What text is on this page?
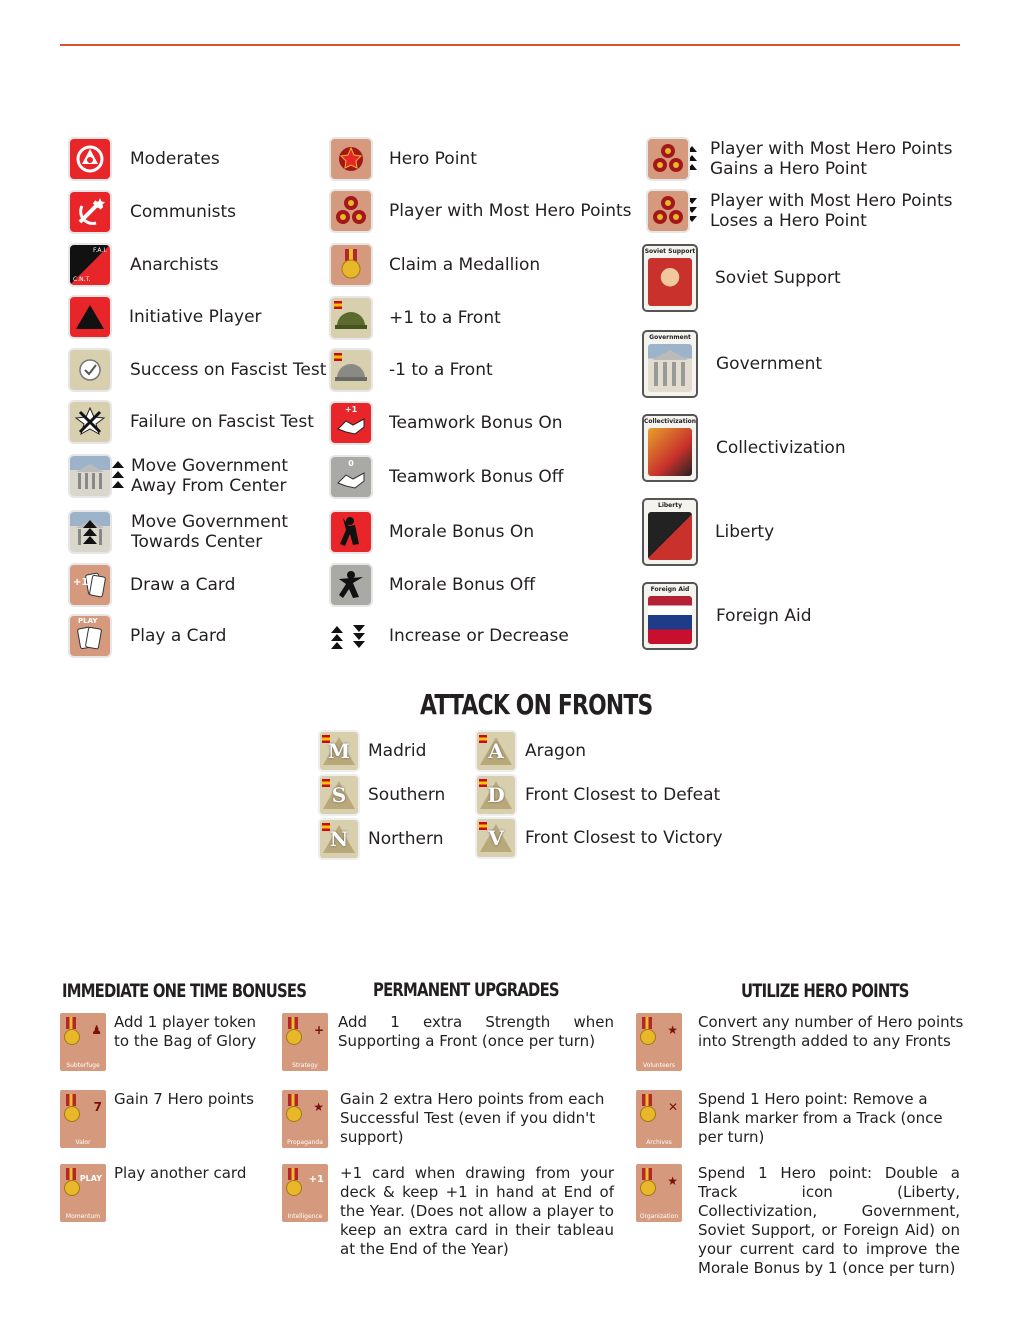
Moderates
Communists
F.A.I.
C.N.T.
Anarchists
Initiative Player
Success on Fascist Test
Failure on Fascist Test
Move Government Away From Center
Move Government Towards Center
+1 Draw a Card
PLAY
Play a Card
Hero Point
Player with Most Hero Points
Claim a Medallion
+1 to a Front
-1 to a Front
+1
Teamwork Bonus On
0
Teamwork Bonus Off
Morale Bonus On
Morale Bonus Off
Increase or Decrease
Player with Most Hero Points Gains a Hero Point
Player with Most Hero Points Loses a Hero Point
Soviet Support
Soviet Support
Government
Government
Collectivization
Collectivization
Liberty
Liberty
Foreign Aid
Foreign Aid
ATTACK ON FRONTS
M	Madrid
S	Southern
N	Northern
A	Aragon
D	Front Closest to Defeat
V	Front Closest to Victory
IMMEDIATE ONE TIME BONUSES	PERMANENT UPGRADES	UTILIZE HERO POINTS
♟
Subterfuge
Add 1 player token to the Bag of Glory
7
Valor
Gain 7 Hero points
PLAY
Momentum
Play another card
+
Strategy
Add 1 extra Strength when Supporting a Front (once per turn)
★
Propaganda
Gain 2 extra Hero points from each Successful Test (even if you didn't support)
+1
Intelligence
+1 card when drawing from your deck & keep +1 in hand at End of the Year. (Does not allow a player to keep an extra card in their tableau at the End of the Year)
★
Volunteers
Convert any number of Hero points into Strength added to any Fronts
✕
Archives
Spend 1 Hero point: Remove a Blank marker from a Track (once per turn)
★
Organization
Spend 1 Hero point: Double a Track icon (Liberty, Collectivization, Government, Soviet Support, or Foreign Aid) on your current card to improve the Morale Bonus by 1 (once per turn)
